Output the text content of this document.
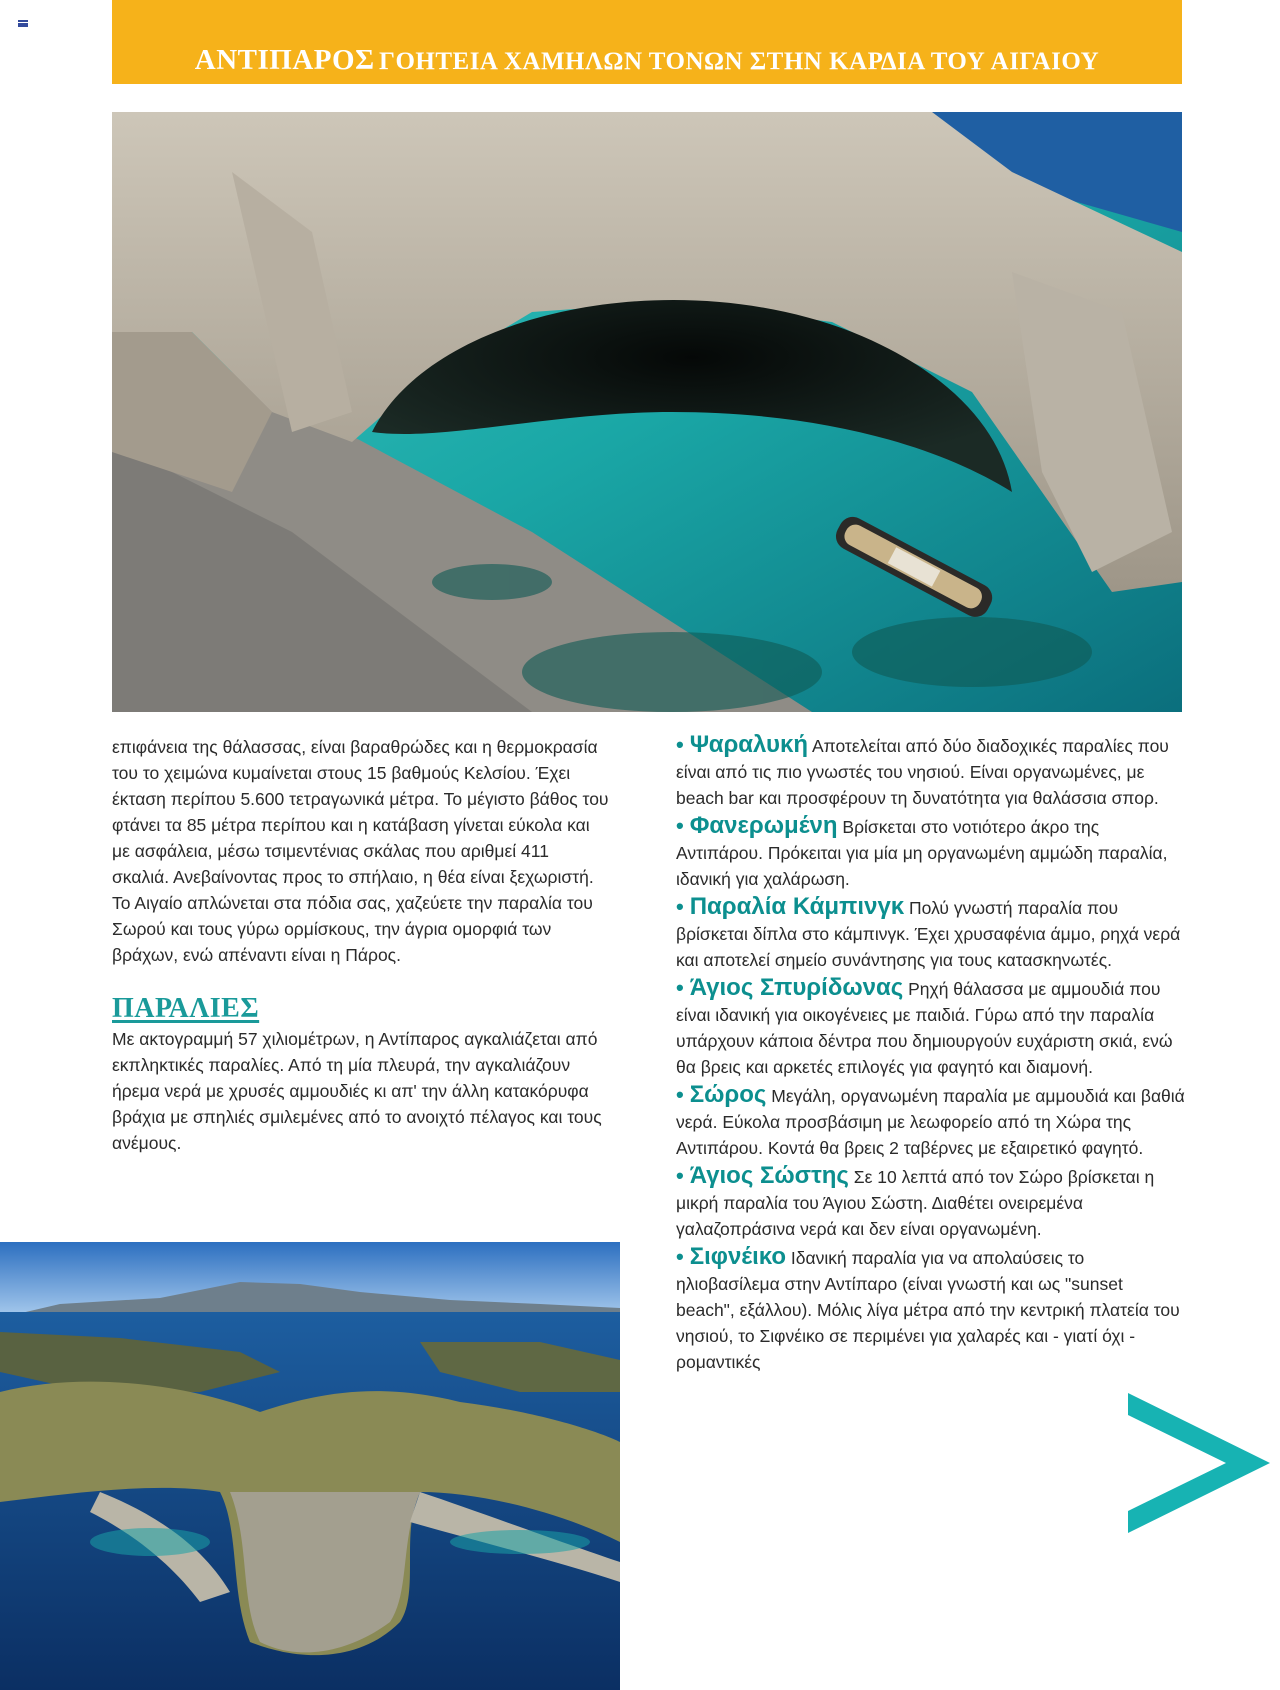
ΑΝΤΙΠΑΡΟΣ ΓΟΗΤΕΙΑ ΧΑΜΗΛΩΝ ΤΟΝΩΝ ΣΤΗΝ ΚΑΡΔΙΑ ΤΟΥ ΑΙΓΑΙΟΥ

επιφάνεια της θάλασσας, είναι βαραθρώδες και η θερμοκρασία του το χειμώνα κυμαίνεται στους 15 βαθμούς Κελσίου. Έχει έκταση περίπου 5.600 τετραγωνικά μέτρα. Το μέγιστο βάθος του φτάνει τα 85 μέτρα περίπου και η κατάβαση γίνεται εύκολα και με ασφάλεια, μέσω τσιμεντένιας σκάλας που αριθμεί 411 σκαλιά. Ανεβαίνοντας προς το σπήλαιο, η θέα είναι ξεχωριστή. Το Αιγαίο απλώνεται στα πόδια σας, χαζεύετε την παραλία του Σωρού και τους γύρω ορμίσκους, την άγρια ομορφιά των βράχων, ενώ απέναντι είναι η Πάρος.

ΠΑΡΑΛΙΕΣ

Με ακτογραμμή 57 χιλιομέτρων, η Αντίπαρος αγκαλιάζεται από εκπληκτικές παραλίες. Από τη μία πλευρά, την αγκαλιάζουν ήρεμα νερά με χρυσές αμμουδιές κι απ' την άλλη κατακόρυφα βράχια με σπηλιές σμιλεμένες από το ανοιχτό πέλαγος και τους ανέμους.

• Ψαραλυκή Αποτελείται από δύο διαδοχικές παραλίες που είναι από τις πιο γνωστές του νησιού. Είναι οργανωμένες, με beach bar και προσφέρουν τη δυνατότητα για θαλάσσια σπορ.

• Φανερωμένη Βρίσκεται στο νοτιότερο άκρο της Αντιπάρου. Πρόκειται για μία μη οργανωμένη αμμώδη παραλία, ιδανική για χαλάρωση.

• Παραλία Κάμπινγκ Πολύ γνωστή παραλία που βρίσκεται δίπλα στο κάμπινγκ. Έχει χρυσαφένια άμμο, ρηχά νερά και αποτελεί σημείο συνάντησης για τους κατασκηνωτές.

• Άγιος Σπυρίδωνας Ρηχή θάλασσα με αμμουδιά που είναι ιδανική για οικογένειες με παιδιά. Γύρω από την παραλία υπάρχουν κάποια δέντρα που δημιουργούν ευχάριστη σκιά, ενώ θα βρεις και αρκετές επιλογές για φαγητό και διαμονή.

• Σώρος Μεγάλη, οργανωμένη παραλία με αμμουδιά και βαθιά νερά. Εύκολα προσβάσιμη με λεωφορείο από τη Χώρα της Αντιπάρου. Κοντά θα βρεις 2 ταβέρνες με εξαιρετικό φαγητό.

• Άγιος Σώστης Σε 10 λεπτά από τον Σώρο βρίσκεται η μικρή παραλία του Άγιου Σώστη. Διαθέτει ονειρεμένα γαλαζοπράσινα νερά και δεν είναι οργανωμένη.

• Σιφνέικο Ιδανική παραλία για να απολαύσεις το ηλιοβασίλεμα στην Αντίπαρο (είναι γνωστή και ως "sunset beach", εξάλλου). Μόλις λίγα μέτρα από την κεντρική πλατεία του νησιού, το Σιφνέικο σε περιμένει για χαλαρές και - γιατί όχι - ρομαντικές
